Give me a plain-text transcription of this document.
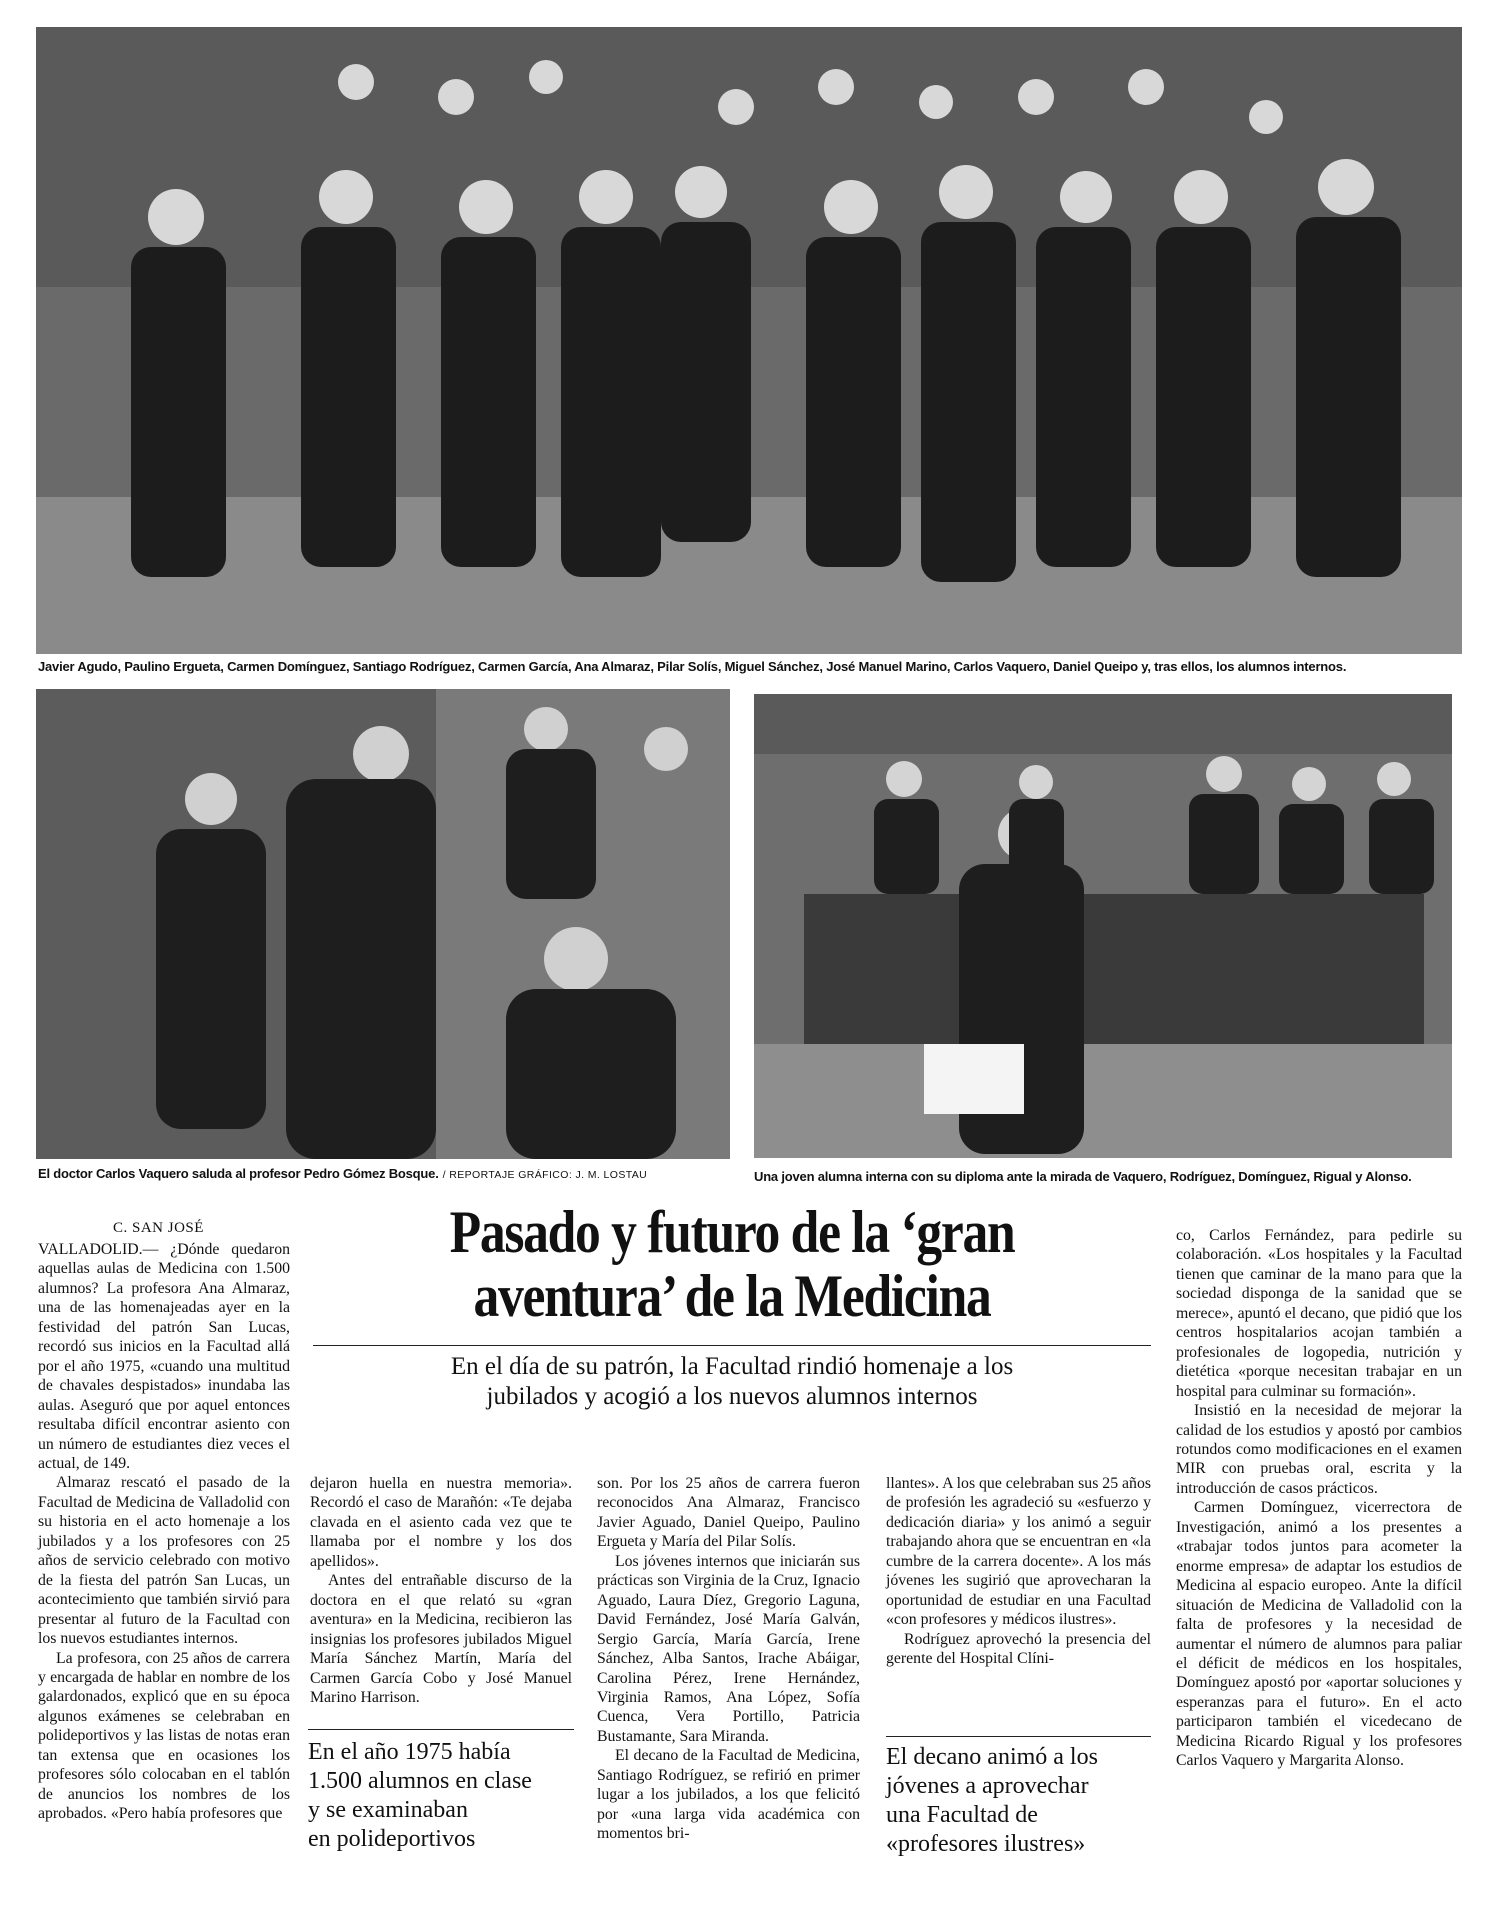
Javier Agudo, Paulino Ergueta, Carmen Domínguez, Santiago Rodríguez, Carmen García, Ana Almaraz, Pilar Solís, Miguel Sánchez, José Manuel Marino, Carlos Vaquero, Daniel Queipo y, tras ellos, los alumnos internos.
El doctor Carlos Vaquero saluda al profesor Pedro Gómez Bosque. / REPORTAJE GRÁFICO: J. M. LOSTAU	Una joven alumna interna con su diploma ante la mirada de Vaquero, Rodríguez, Domínguez, Rigual y Alonso.
C. SAN JOSÉ	Pasado y futuro de la ‘gran
aventura’ de la Medicina
En el día de su patrón, la Facultad rindió homenaje a los
jubilados y acogió a los nuevos alumnos internos

VALLADOLID.— ¿Dónde quedaron aquellas aulas de Medicina con 1.500 alumnos? La profesora Ana Almaraz, una de las homenajeadas ayer en la festividad del patrón San Lucas, recordó sus inicios en la Facultad allá por el año 1975, «cuando una multitud de chavales despistados» inundaba las aulas. Aseguró que por aquel entonces resultaba difícil encontrar asiento con un número de estudiantes diez veces el actual, de 149.

Almaraz rescató el pasado de la Facultad de Medicina de Valladolid con su historia en el acto homenaje a los jubilados y a los profesores con 25 años de servicio celebrado con motivo de la fiesta del patrón San Lucas, un acontecimiento que también sirvió para presentar al futuro de la Facultad con los nuevos estudiantes internos.

La profesora, con 25 años de carrera y encargada de hablar en nombre de los galardonados, explicó que en su época algunos exámenes se celebraban en polideportivos y las listas de notas eran tan extensa que en ocasiones los profesores sólo colocaban en el tablón de anuncios los nombres de los aprobados. «Pero había profesores que

dejaron huella en nuestra memoria». Recordó el caso de Marañón: «Te dejaba clavada en el asiento cada vez que te llamaba por el nombre y los dos apellidos».

Antes del entrañable discurso de la doctora en el que relató su «gran aventura» en la Medicina, recibieron las insignias los profesores jubilados Miguel María Sánchez Martín, María del Carmen García Cobo y José Manuel Marino Harrison.

En el año 1975 había
1.500 alumnos en clase
y se examinaban
en polideportivos

son. Por los 25 años de carrera fueron reconocidos Ana Almaraz, Francisco Javier Aguado, Daniel Queipo, Paulino Ergueta y María del Pilar Solís.

Los jóvenes internos que iniciarán sus prácticas son Virginia de la Cruz, Ignacio Aguado, Laura Díez, Gregorio Laguna, David Fernández, José María Galván, Sergio García, María García, Irene Sánchez, Alba Santos, Irache Abáigar, Carolina Pérez, Irene Hernández, Virginia Ramos, Ana López, Sofía Cuenca, Vera Portillo, Patricia Bustamante, Sara Miranda.

El decano de la Facultad de Medicina, Santiago Rodríguez, se refirió en primer lugar a los jubilados, a los que felicitó por «una larga vida académica con momentos bri-

llantes». A los que celebraban sus 25 años de profesión les agradeció su «esfuerzo y dedicación diaria» y los animó a seguir trabajando ahora que se encuentran en «la cumbre de la carrera docente». A los más jóvenes les sugirió que aprovecharan la oportunidad de estudiar en una Facultad «con profesores y médicos ilustres».

Rodríguez aprovechó la presencia del gerente del Hospital Clíni-

El decano animó a los
jóvenes a aprovechar
una Facultad de
«profesores ilustres»

co, Carlos Fernández, para pedirle su colaboración. «Los hospitales y la Facultad tienen que caminar de la mano para que la sociedad disponga de la sanidad que se merece», apuntó el decano, que pidió que los centros hospitalarios acojan también a profesionales de logopedia, nutrición y dietética «porque necesitan trabajar en un hospital para culminar su formación».

Insistió en la necesidad de mejorar la calidad de los estudios y apostó por cambios rotundos como modificaciones en el examen MIR con pruebas oral, escrita y la introducción de casos prácticos.

Carmen Domínguez, vicerrectora de Investigación, animó a los presentes a «trabajar todos juntos para acometer la enorme empresa» de adaptar los estudios de Medicina al espacio europeo. Ante la difícil situación de Medicina de Valladolid con la falta de profesores y la necesidad de aumentar el número de alumnos para paliar el déficit de médicos en los hospitales, Domínguez apostó por «aportar soluciones y esperanzas para el futuro». En el acto participaron también el vicedecano de Medicina Ricardo Rigual y los profesores Carlos Vaquero y Margarita Alonso.
